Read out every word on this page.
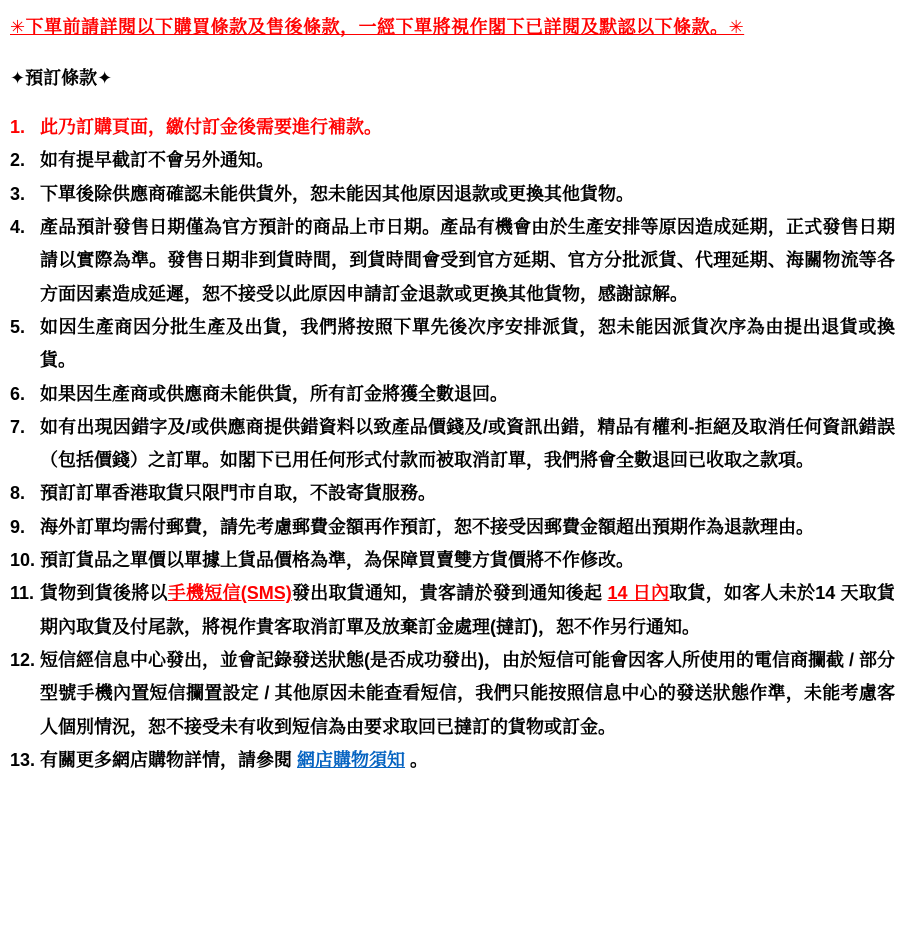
✳下單前請詳閱以下購買條款及售後條款，一經下單將視作閣下已詳閱及默認以下條款。✳
✦預訂條款✦
1. 此乃訂購頁面，繳付訂金後需要進行補款。
2. 如有提早截訂不會另外通知。
3. 下單後除供應商確認未能供貨外，恕未能因其他原因退款或更換其他貨物。
4. 產品預計發售日期僅為官方預計的商品上市日期。產品有機會由於生產安排等原因造成延期，正式發售日期請以實際為準。發售日期非到貨時間，到貨時間會受到官方延期、官方分批派貨、代理延期、海關物流等各方面因素造成延遲，恕不接受以此原因申請訂金退款或更換其他貨物，感謝諒解。
5. 如因生產商因分批生產及出貨，我們將按照下單先後次序安排派貨，恕未能因派貨次序為由提出退貨或換貨。
6. 如果因生產商或供應商未能供貨，所有訂金將獲全數退回。
7. 如有出現因錯字及/或供應商提供錯資料以致產品價錢及/或資訊出錯，精品有權利-拒絕及取消任何資訊錯誤（包括價錢）之訂單。如閣下已用任何形式付款而被取消訂單，我們將會全數退回已收取之款項。
8. 預訂訂單香港取貨只限門市自取，不設寄貨服務。
9. 海外訂單均需付郵費，請先考慮郵費金額再作預訂，恕不接受因郵費金額超出預期作為退款理由。
10. 預訂貨品之單價以單據上貨品價格為準，為保障買賣雙方貨價將不作修改。
11. 貨物到貨後將以手機短信(SMS)發出取貨通知，貴客請於發到通知後起 14 日內取貨，如客人未於14 天取貨期內取貨及付尾款，將視作貴客取消訂單及放棄訂金處理(撻訂)，恕不作另行通知。
12. 短信經信息中心發出，並會記錄發送狀態(是否成功發出)，由於短信可能會因客人所使用的電信商攔截 / 部分型號手機內置短信攔置設定 / 其他原因未能查看短信，我們只能按照信息中心的發送狀態作準，未能考慮客人個別情況，恕不接受未有收到短信為由要求取回已撻訂的貨物或訂金。
13. 有關更多網店購物詳情，請參閱 網店購物須知 。
